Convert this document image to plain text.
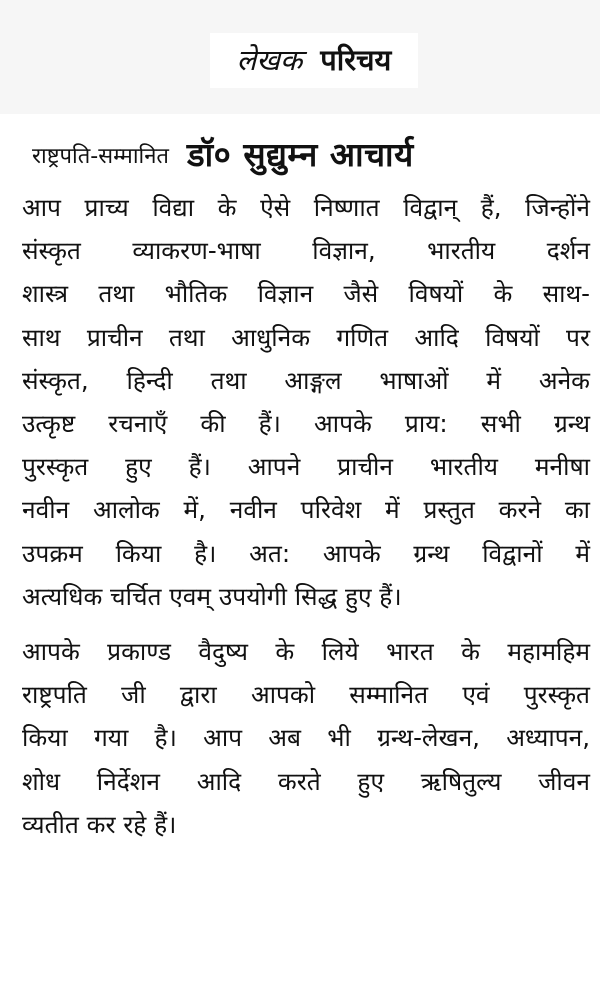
लेखक परिचय
राष्ट्रपति-सम्मानित डॉ० सुद्युम्न आचार्य
आप प्राच्य विद्या के ऐसे निष्णात विद्वान् हैं, जिन्होंने
संस्कृत व्याकरण-भाषा विज्ञान, भारतीय दर्शन
शास्त्र तथा भौतिक विज्ञान जैसे विषयों के साथ-
साथ प्राचीन तथा आधुनिक गणित आदि विषयों पर
संस्कृत, हिन्दी तथा आङ्गल भाषाओं में अनेक
उत्कृष्ट रचनाएँ की हैं। आपके प्राय: सभी ग्रन्थ
पुरस्कृत हुए हैं। आपने प्राचीन भारतीय मनीषा
नवीन आलोक में, नवीन परिवेश में प्रस्तुत करने का
उपक्रम किया है। अत: आपके ग्रन्थ विद्वानों में
अत्यधिक चर्चित एवम् उपयोगी सिद्ध हुए हैं।
आपके प्रकाण्ड वैदुष्य के लिये भारत के महामहिम
राष्ट्रपति जी द्वारा आपको सम्मानित एवं पुरस्कृत
किया गया है। आप अब भी ग्रन्थ-लेखन, अध्यापन,
शोध निर्देशन आदि करते हुए ऋषितुल्य जीवन
व्यतीत कर रहे हैं।
